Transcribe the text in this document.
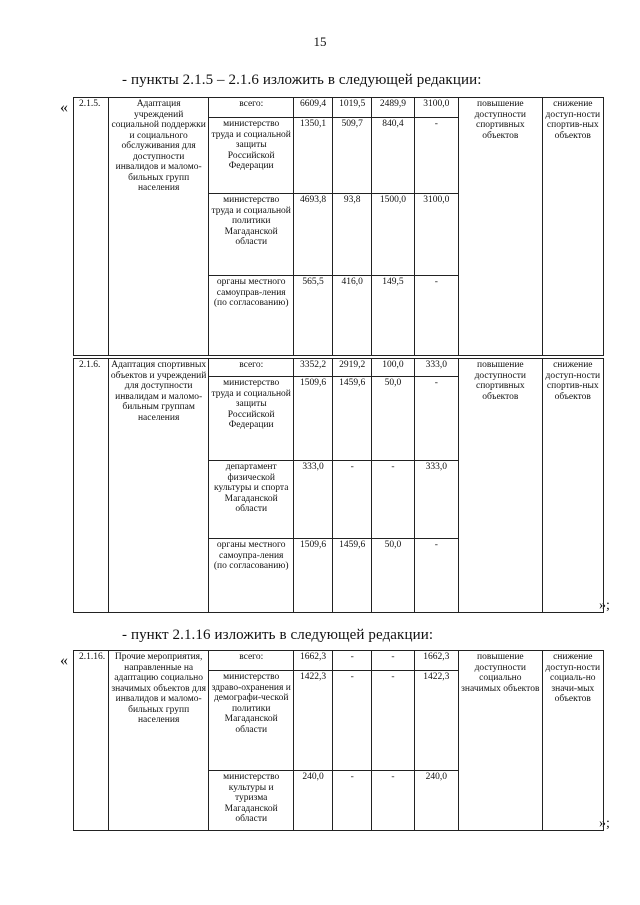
15
- пункты 2.1.5 – 2.1.6 изложить в следующей редакции:
- пункт 2.1.16 изложить в следующей редакции:
«
»;
«
»;
2.1.5.	Адаптация учреждений социальной поддержки и социального обслуживания для доступности инвалидов и маломо-бильных групп населения	всего:	6609,4	1019,5	2489,9	3100,0	повышение доступности спортивных объектов	снижение доступ-ности спортив-ных объектов
		министерство труда и социальной защиты Российской Федерации	1350,1	509,7	840,4	-		
		министерство труда и социальной политики Магаданской области	4693,8	93,8	1500,0	3100,0		
		органы местного самоуправ-ления (по согласованию)	565,5	416,0	149,5	-		
2.1.6.	Адаптация спортивных объектов и учреждений для доступности инвалидам и маломо-бильным группам населения	всего:	3352,2	2919,2	100,0	333,0	повышение доступности спортивных объектов	снижение доступ-ности спортив-ных объектов
		министерство труда и социальной защиты Российской Федерации	1509,6	1459,6	50,0	-		
		департамент физической культуры и спорта Магаданской области	333,0	-	-	333,0		
		органы местного самоупра-ления (по согласованию)	1509,6	1459,6	50,0	-		
2.1.16.	Прочие мероприятия, направленные на адаптацию социально значимых объектов для инвалидов и маломо-бильных групп населения	всего:	1662,3	-	-	1662,3	повышение доступности социально значимых объектов	снижение доступ-ности социаль-но значи-мых объектов
		министерство здраво-охранения и демографи-ческой политики Магаданской области	1422,3	-	-	1422,3		
		министерство культуры и туризма Магаданской области	240,0	-	-	240,0		
